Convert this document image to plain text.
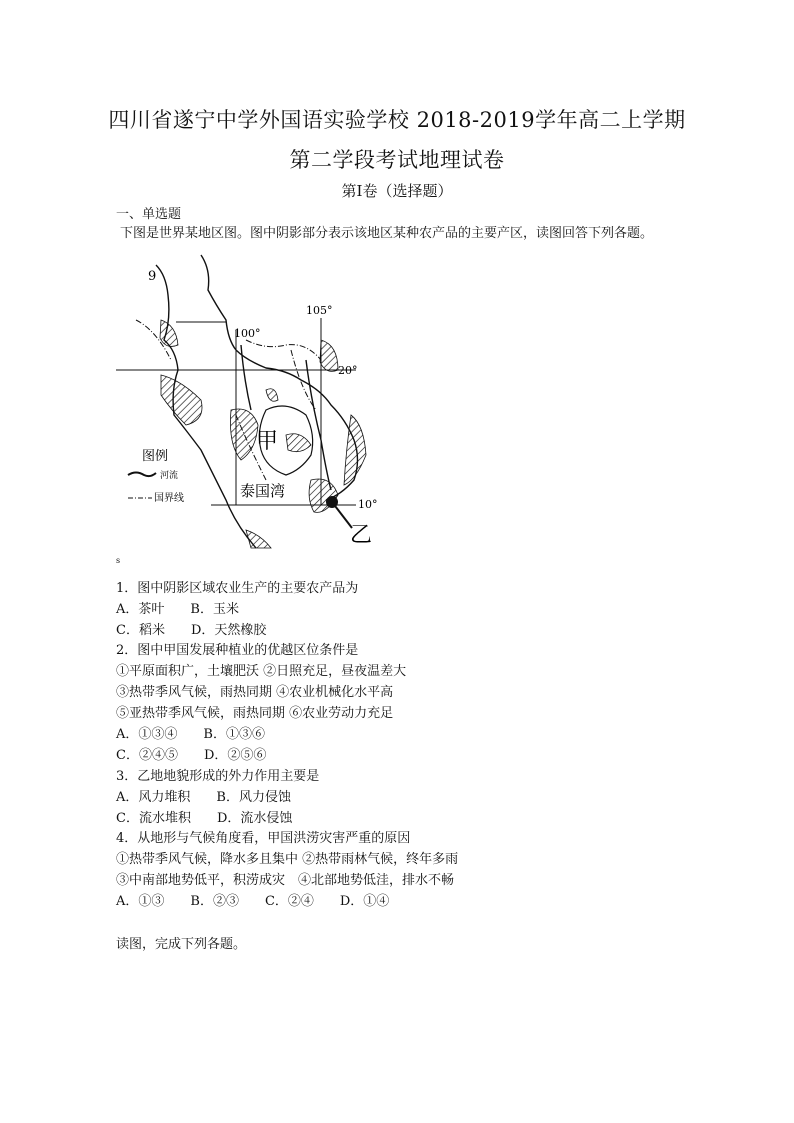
四川省遂宁中学外国语实验学校 2018-2019学年高二上学期
第二学段考试地理试卷
第I卷（选择题）
一、单选题
下图是世界某地区图。图中阴影部分表示该地区某种农产品的主要产区，读图回答下列各题。
9
100°
105°
20°
10°
甲
乙
泰国湾
图例
河流
国界线
s
1．图中阴影区域农业生产的主要农产品为
A．茶叶　　B．玉米
C．稻米　　D．天然橡胶
2．图中甲国发展种植业的优越区位条件是
①平原面积广，土壤肥沃 ②日照充足，昼夜温差大
③热带季风气候，雨热同期 ④农业机械化水平高
⑤亚热带季风气候，雨热同期 ⑥农业劳动力充足
A．①③④　　B．①③⑥
C．②④⑤　　D．②⑤⑥
3．乙地地貌形成的外力作用主要是
A．风力堆积　　B．风力侵蚀
C．流水堆积　　D．流水侵蚀
4．从地形与气候角度看，甲国洪涝灾害严重的原因
①热带季风气候，降水多且集中 ②热带雨林气候，终年多雨
③中南部地势低平，积涝成灾　④北部地势低洼，排水不畅
A．①③　　B．②③　　C．②④　　D．①④
读图，完成下列各题。
